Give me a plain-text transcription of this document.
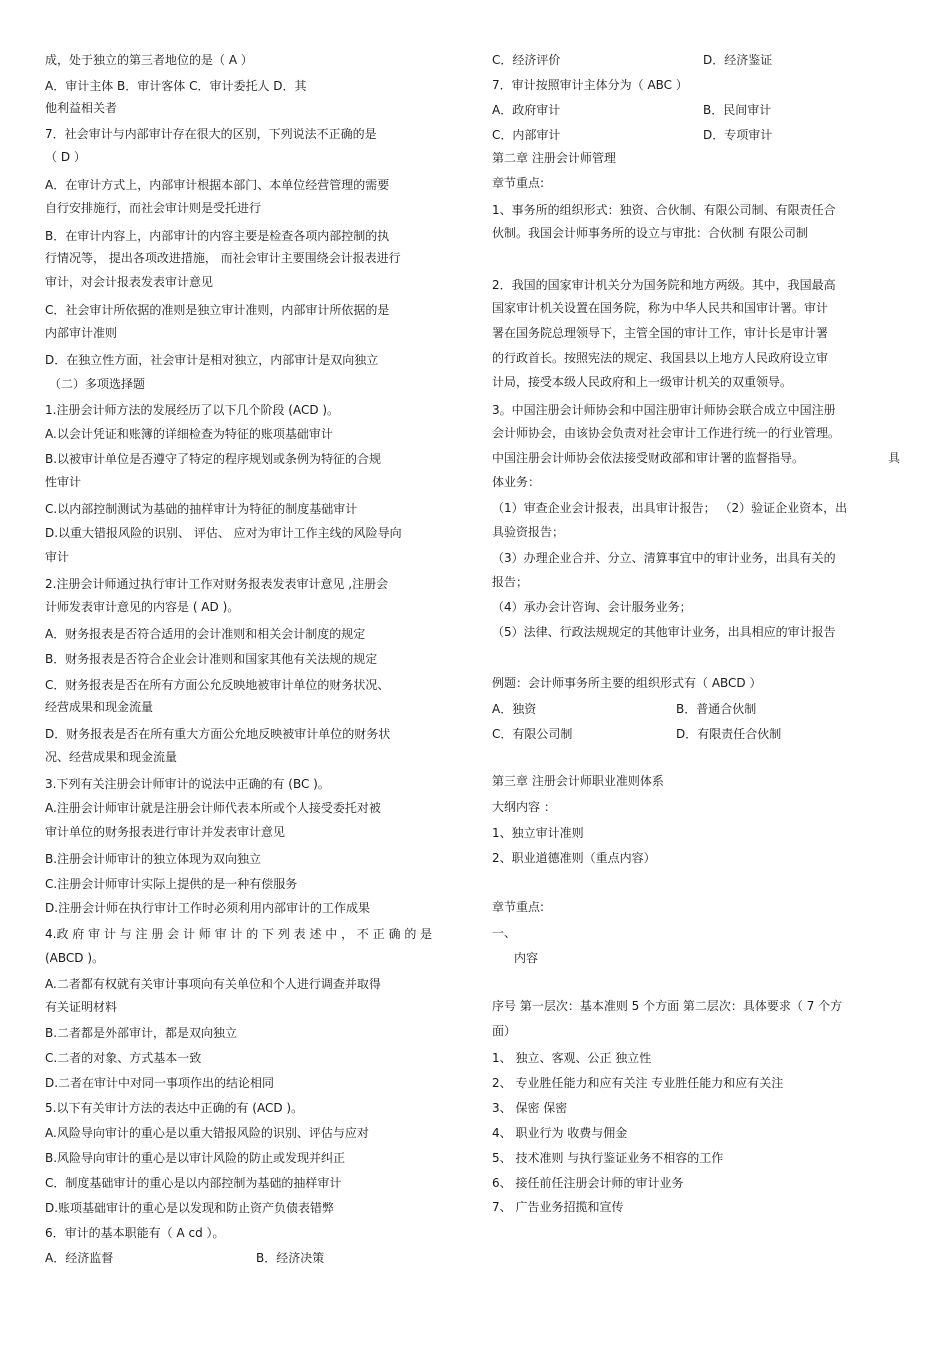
成，处于独立的第三者地位的是（ A ）
A．审计主体 B．审计客体 C．审计委托人 D．其
他利益相关者
7．社会审计与内部审计存在很大的区别，下列说法不正确的是
（ D ）
A．在审计方式上，内部审计根据本部门、本单位经营管理的需要
自行安排施行，而社会审计则是受托进行
B．在审计内容上，内部审计的内容主要是检查各项内部控制的执
行情况等， 提出各项改进措施， 而社会审计主要围绕会计报表进行
审计，对会计报表发表审计意见
C．社会审计所依据的准则是独立审计准则，内部审计所依据的是
内部审计准则
D．在独立性方面，社会审计是相对独立，内部审计是双向独立
（二）多项选择题
1.注册会计师方法的发展经历了以下几个阶段 (ACD )。
A.以会计凭证和账簿的详细检查为特征的账项基础审计
B.以被审计单位是否遵守了特定的程序规划或条例为特征的合规
性审计
C.以内部控制测试为基础的抽样审计为特征的制度基础审计
D.以重大错报风险的识别、 评估、 应对为审计工作主线的风险导向
审计
2.注册会计师通过执行审计工作对财务报表发表审计意见 ,注册会
计师发表审计意见的内容是 ( AD )。
A．财务报表是否符合适用的会计准则和相关会计制度的规定
B．财务报表是否符合企业会计准则和国家其他有关法规的规定
C．财务报表是否在所有方面公允反映地被审计单位的财务状况、
经营成果和现金流量
D．财务报表是否在所有重大方面公允地反映被审计单位的财务状
况、经营成果和现金流量
3.下列有关注册会计师审计的说法中正确的有 (BC )。
A.注册会计师审计就是注册会计师代表本所或个人接受委托对被
审计单位的财务报表进行审计并发表审计意见
B.注册会计师审计的独立体现为双向独立
C.注册会计师审计实际上提供的是一种有偿服务
D.注册会计师在执行审计工作时必须利用内部审计的工作成果
4.政 府 审 计 与 注 册 会 计 师 审 计 的 下 列 表 述 中 ， 不 正 确 的 是
(ABCD )。
A.二者都有权就有关审计事项向有关单位和个人进行调查并取得
有关证明材料
B.二者都是外部审计，都是双向独立
C.二者的对象、方式基本一致
D.二者在审计中对同一事项作出的结论相同
5.以下有关审计方法的表达中正确的有 (ACD )。
A.风险导向审计的重心是以重大错报风险的识别、评估与应对
B.风险导向审计的重心是以审计风险的防止或发现并纠正
C．制度基础审计的重心是以内部控制为基础的抽样审计
D.账项基础审计的重心是以发现和防止资产负债表错弊
6．审计的基本职能有（ A cd ）。
A．经济监督	B．经济决策
C．经济评价	D．经济鉴证
7．审计按照审计主体分为（ ABC ）
A．政府审计	B．民间审计
C．内部审计	D．专项审计
第二章 注册会计师管理
章节重点:
1、事务所的组织形式：独资、合伙制、有限公司制、有限责任合
伙制。我国会计师事务所的设立与审批：合伙制 有限公司制
2．我国的国家审计机关分为国务院和地方两级。其中，我国最高
国家审计机关设置在国务院，称为中华人民共和国审计署。审计
署在国务院总理领导下，主管全国的审计工作，审计长是审计署
的行政首长。按照宪法的规定、我国县以上地方人民政府设立审
计局，接受本级人民政府和上一级审计机关的双重领导。
3。中国注册会计师协会和中国注册审计师协会联合成立中国注册
会计师协会，由该协会负责对社会审计工作进行统一的行业管理。
中国注册会计师协会依法接受财政部和审计署的监督指导。	具
体业务：
（1）审查企业会计报表，出具审计报告； （2）验证企业资本，出
具验资报告；
（3）办理企业合并、分立、清算事宜中的审计业务，出具有关的
报告；
（4）承办会计咨询、会计服务业务；
（5）法律、行政法规规定的其他审计业务，出具相应的审计报告
例题：会计师事务所主要的组织形式有（ ABCD ）
A．独资	B．普通合伙制
C．有限公司制	D．有限责任合伙制
第三章 注册会计师职业准则体系
大纲内容 ：
1、独立审计准则
2、职业道德准则（重点内容）
章节重点:
一、
内容
序号 第一层次：基本准则 5 个方面 第二层次：具体要求（ 7 个方
面）
1、 独立、客观、公正 独立性
2、 专业胜任能力和应有关注 专业胜任能力和应有关注
3、 保密 保密
4、 职业行为 收费与佣金
5、 技术准则 与执行鉴证业务不相容的工作
6、 接任前任注册会计师的审计业务
7、 广告业务招揽和宣传
